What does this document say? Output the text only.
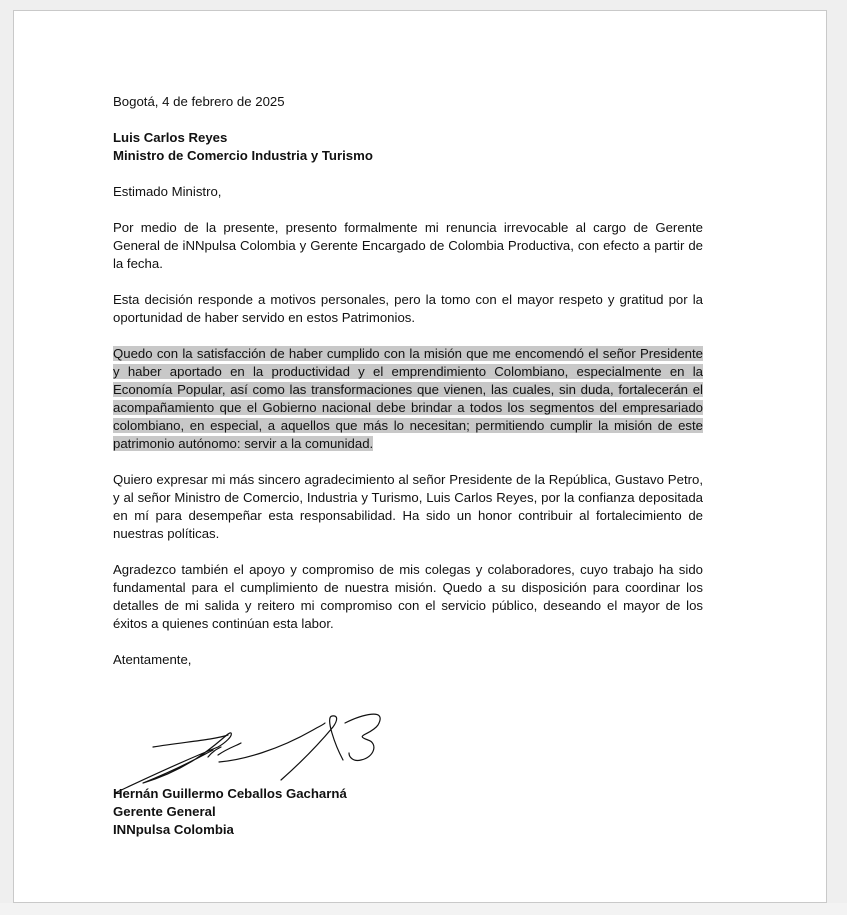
Bogotá, 4 de febrero de 2025

Luis Carlos Reyes
Ministro de Comercio Industria y Turismo

Estimado Ministro,

Por medio de la presente, presento formalmente mi renuncia irrevocable al cargo de Gerente General de iNNpulsa Colombia y Gerente Encargado de Colombia Productiva, con efecto a partir de la fecha.

Esta decisión responde a motivos personales, pero la tomo con el mayor respeto y gratitud por la oportunidad de haber servido en estos Patrimonios.

Quedo con la satisfacción de haber cumplido con la misión que me encomendó el señor Presidente y haber aportado en la productividad y el emprendimiento Colombiano, especialmente en la Economía Popular, así como las transformaciones que vienen, las cuales, sin duda, fortalecerán el acompañamiento que el Gobierno nacional debe brindar a todos los segmentos del empresariado colombiano, en especial, a aquellos que más lo necesitan; permitiendo cumplir la misión de este patrimonio autónomo: servir a la comunidad.

Quiero expresar mi más sincero agradecimiento al señor Presidente de la República, Gustavo Petro, y al señor Ministro de Comercio, Industria y Turismo, Luis Carlos Reyes, por la confianza depositada en mí para desempeñar esta responsabilidad. Ha sido un honor contribuir al fortalecimiento de nuestras políticas.

Agradezco también el apoyo y compromiso de mis colegas y colaboradores, cuyo trabajo ha sido fundamental para el cumplimiento de nuestra misión. Quedo a su disposición para coordinar los detalles de mi salida y reitero mi compromiso con el servicio público, deseando el mayor de los éxitos a quienes continúan esta labor.

Atentamente,

Hernán Guillermo Ceballos Gacharná
Gerente General
INNpulsa Colombia
